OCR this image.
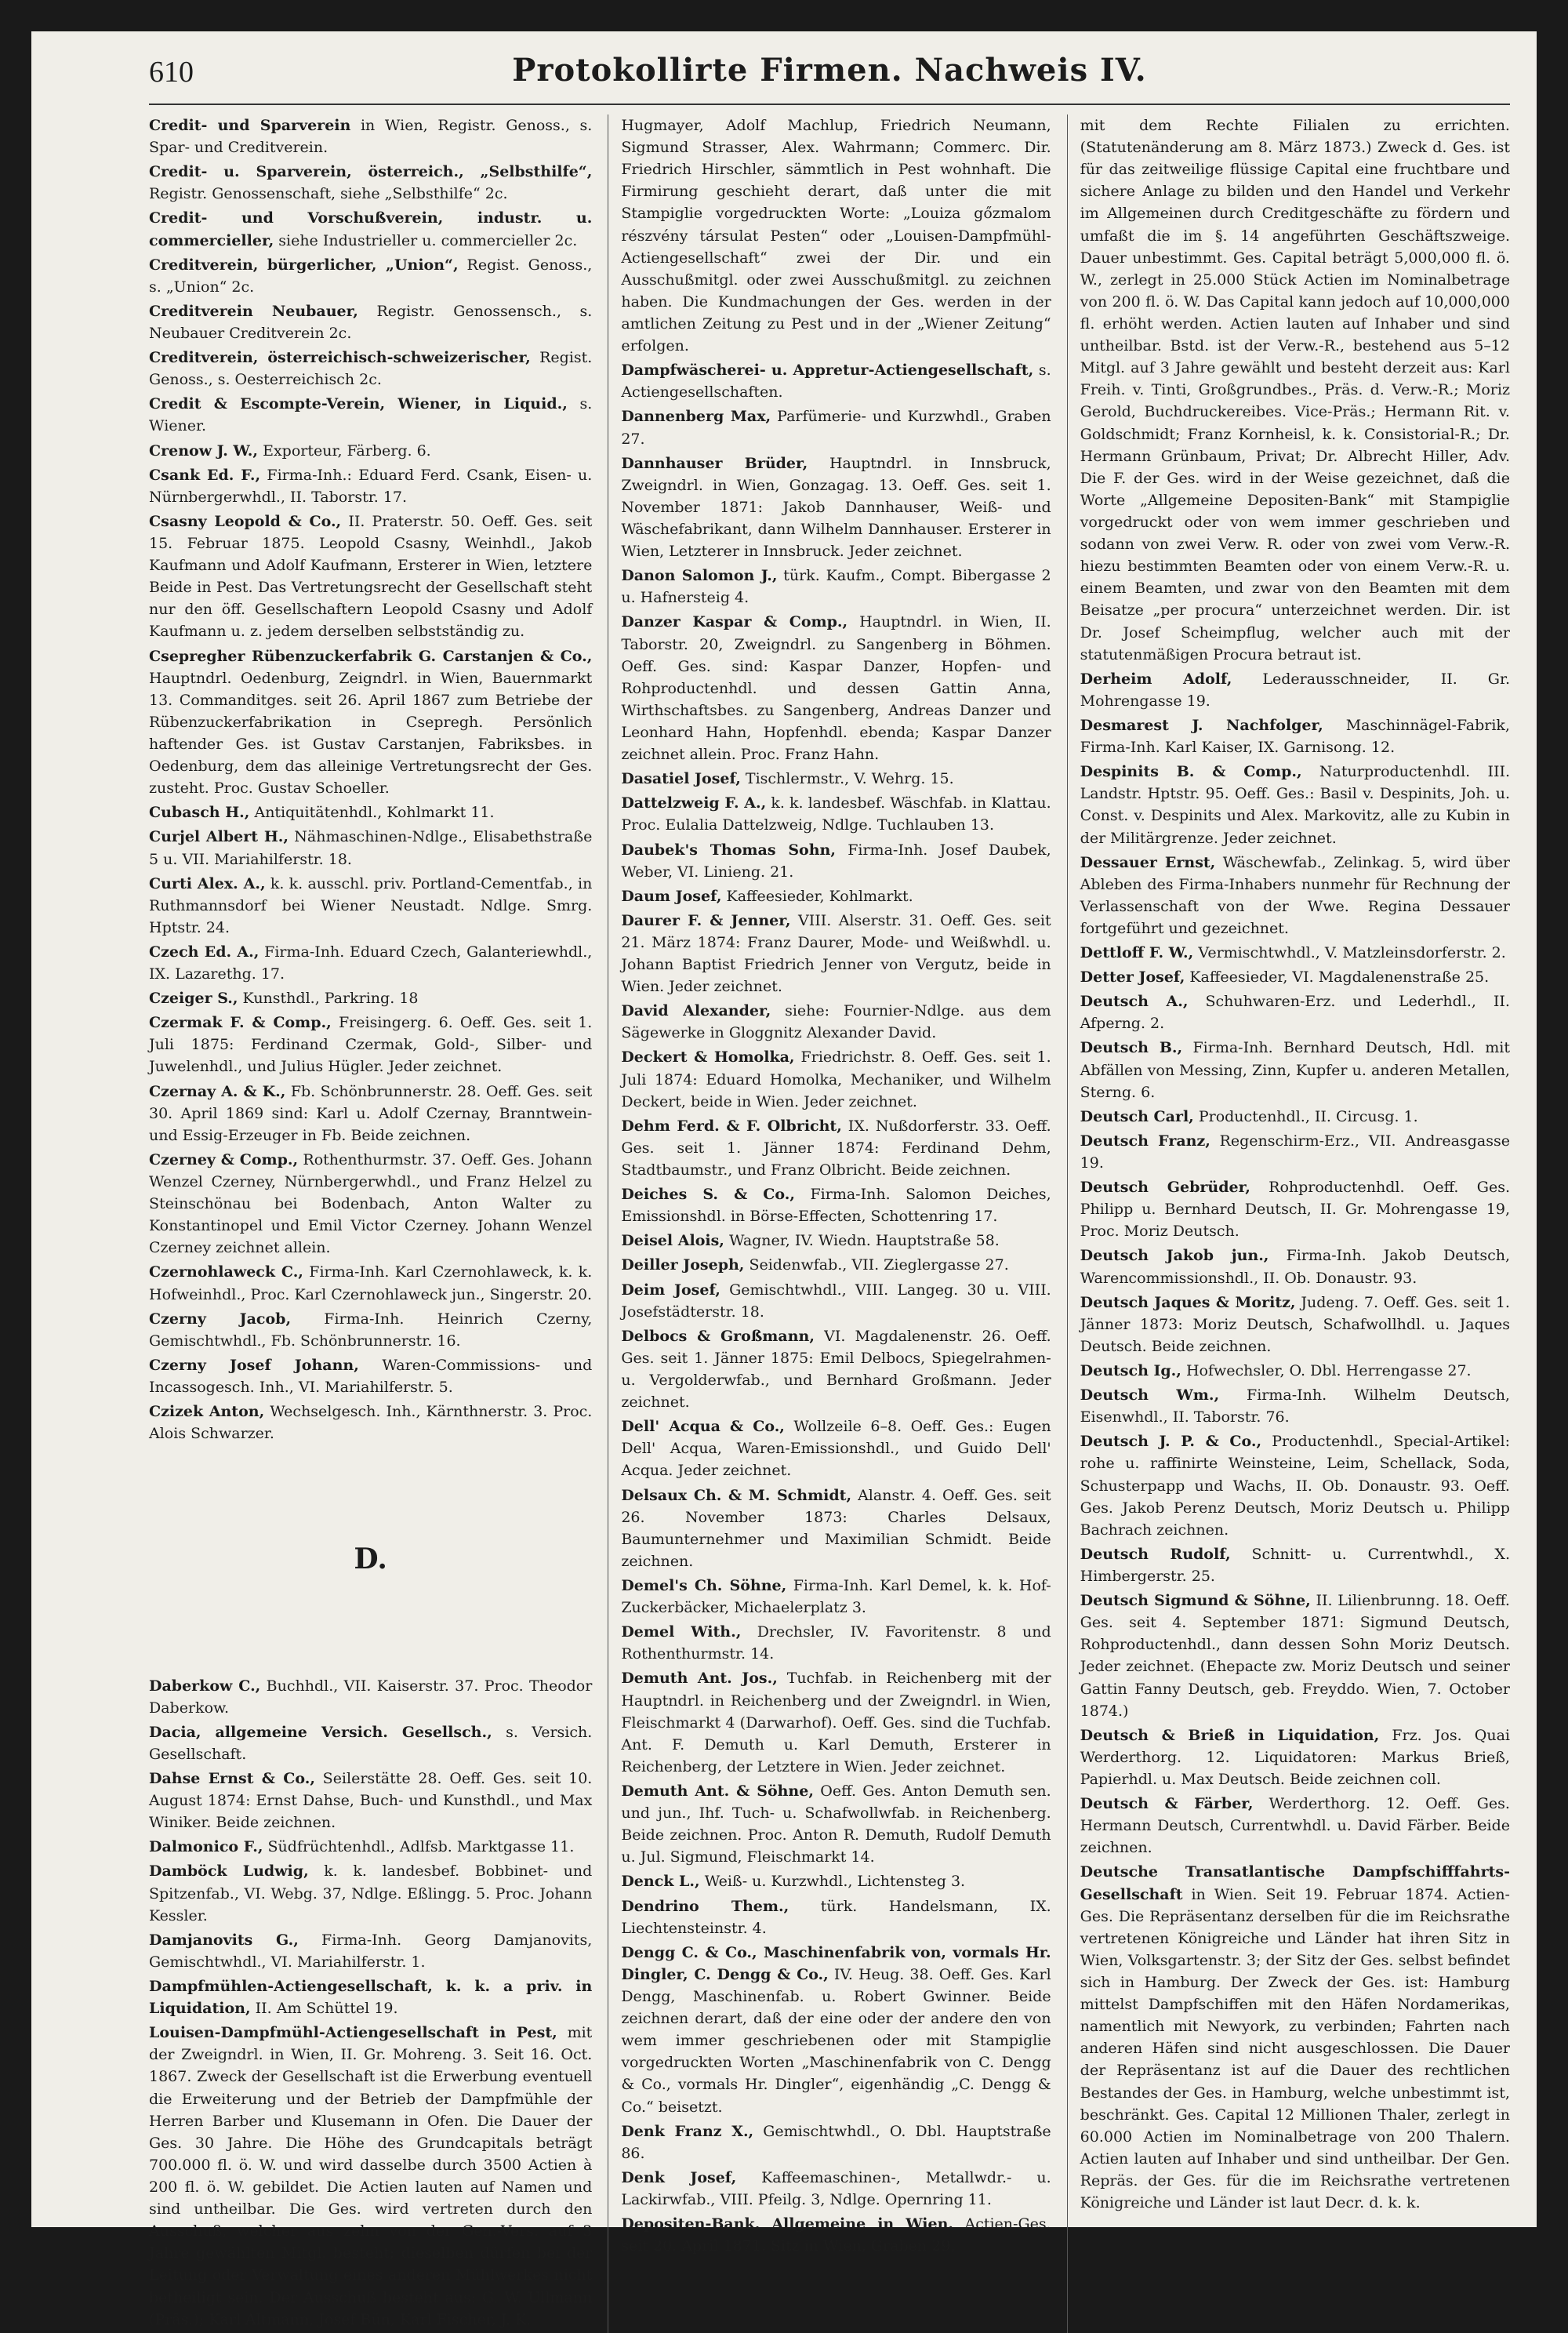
610	Protokollirte Firmen. Nachweis IV.

Credit- und Sparverein in Wien, Registr. Genoss., s. Spar- und Creditverein.

Credit- u. Sparverein, österreich., „Selbsthilfe“, Registr. Genossenschaft, siehe „Selbsthilfe“ 2c.

Credit- und Vorschußverein, industr. u. commercieller, siehe Industrieller u. commercieller 2c.

Creditverein, bürgerlicher, „Union“, Regist. Genoss., s. „Union“ 2c.

Creditverein Neubauer, Registr. Genossensch., s. Neubauer Creditverein 2c.

Creditverein, österreichisch-schweizerischer, Regist. Genoss., s. Oesterreichisch 2c.

Credit & Escompte-Verein, Wiener, in Liquid., s. Wiener.

Crenow J. W., Exporteur, Färberg. 6.

Csank Ed. F., Firma-Inh.: Eduard Ferd. Csank, Eisen- u. Nürnbergerwhdl., II. Taborstr. 17.

Csasny Leopold & Co., II. Praterstr. 50. Oeff. Ges. seit 15. Februar 1875. Leopold Csasny, Weinhdl., Jakob Kaufmann und Adolf Kaufmann, Ersterer in Wien, letztere Beide in Pest. Das Vertretungsrecht der Gesellschaft steht nur den öff. Gesellschaftern Leopold Csasny und Adolf Kaufmann u. z. jedem derselben selbstständig zu.

Csepregher Rübenzuckerfabrik G. Carstanjen & Co., Hauptndrl. Oedenburg, Zeigndrl. in Wien, Bauernmarkt 13. Commanditges. seit 26. April 1867 zum Betriebe der Rübenzuckerfabrikation in Csepregh. Persönlich haftender Ges. ist Gustav Carstanjen, Fabriksbes. in Oedenburg, dem das alleinige Vertretungsrecht der Ges. zusteht. Proc. Gustav Schoeller.

Cubasch H., Antiquitätenhdl., Kohlmarkt 11.

Curjel Albert H., Nähmaschinen-Ndlge., Elisabethstraße 5 u. VII. Mariahilferstr. 18.

Curti Alex. A., k. k. ausschl. priv. Portland-Cementfab., in Ruthmannsdorf bei Wiener Neustadt. Ndlge. Smrg. Hptstr. 24.

Czech Ed. A., Firma-Inh. Eduard Czech, Galanteriewhdl., IX. Lazarethg. 17.

Czeiger S., Kunsthdl., Parkring. 18

Czermak F. & Comp., Freisingerg. 6. Oeff. Ges. seit 1. Juli 1875: Ferdinand Czermak, Gold-, Silber- und Juwelenhdl., und Julius Hügler. Jeder zeichnet.

Czernay A. & K., Fb. Schönbrunnerstr. 28. Oeff. Ges. seit 30. April 1869 sind: Karl u. Adolf Czernay, Branntwein- und Essig-Erzeuger in Fb. Beide zeichnen.

Czerney & Comp., Rothenthurmstr. 37. Oeff. Ges. Johann Wenzel Czerney, Nürnbergerwhdl., und Franz Helzel zu Steinschönau bei Bodenbach, Anton Walter zu Konstantinopel und Emil Victor Czerney. Johann Wenzel Czerney zeichnet allein.

Czernohlaweck C., Firma-Inh. Karl Czernohlaweck, k. k. Hofweinhdl., Proc. Karl Czernohlaweck jun., Singerstr. 20.

Czerny Jacob, Firma-Inh. Heinrich Czerny, Gemischtwhdl., Fb. Schönbrunnerstr. 16.

Czerny Josef Johann, Waren-Commissions- und Incassogesch. Inh., VI. Mariahilferstr. 5.

Czizek Anton, Wechselgesch. Inh., Kärnthnerstr. 3. Proc. Alois Schwarzer.

D.

Daberkow C., Buchhdl., VII. Kaiserstr. 37. Proc. Theodor Daberkow.

Dacia, allgemeine Versich. Gesellsch., s. Versich. Gesellschaft.

Dahse Ernst & Co., Seilerstätte 28. Oeff. Ges. seit 10. August 1874: Ernst Dahse, Buch- und Kunsthdl., und Max Winiker. Beide zeichnen.

Dalmonico F., Südfrüchtenhdl., Adlfsb. Marktgasse 11.

Damböck Ludwig, k. k. landesbef. Bobbinet- und Spitzenfab., VI. Webg. 37, Ndlge. Eßlingg. 5. Proc. Johann Kessler.

Damjanovits G., Firma-Inh. Georg Damjanovits, Gemischtwhdl., VI. Mariahilferstr. 1.

Dampfmühlen-Actiengesellschaft, k. k. a priv. in Liquidation, II. Am Schüttel 19.

Louisen-Dampfmühl-Actiengesellschaft in Pest, mit der Zweigndrl. in Wien, II. Gr. Mohreng. 3. Seit 16. Oct. 1867. Zweck der Gesellschaft ist die Erwerbung eventuell die Erweiterung und der Betrieb der Dampfmühle der Herren Barber und Klusemann in Ofen. Die Dauer der Ges. 30 Jahre. Die Höhe des Grundcapitals beträgt 700.000 fl. ö. W. und wird dasselbe durch 3500 Actien à 200 fl. ö. W. gebildet. Die Actien lauten auf Namen und sind untheilbar. Die Ges. wird vertreten durch den Ausschuß, welcher aus zehn von der Gen.-Vers. auf 3 Jahre gewählten Mitgl. besteht; dieselben dürfen bei der Leitung oder Verwaltung eines anderen Mühlwerkes nicht betheiligt sein. Der Ausschuß besteht aus: G. W. Ullmann (Präs.); Karl Altmann, Josef Bün, Karl Fischer, J. K.

Hugmayer, Adolf Machlup, Friedrich Neumann, Sigmund Strasser, Alex. Wahrmann; Commerc. Dir. Friedrich Hirschler, sämmtlich in Pest wohnhaft. Die Firmirung geschieht derart, daß unter die mit Stampiglie vorgedruckten Worte: „Louiza gőzmalom részvény társulat Pesten“ oder „Louisen-Dampfmühl-Actiengesellschaft“ zwei der Dir. und ein Ausschußmitgl. oder zwei Ausschußmitgl. zu zeichnen haben. Die Kundmachungen der Ges. werden in der amtlichen Zeitung zu Pest und in der „Wiener Zeitung“ erfolgen.

Dampfwäscherei- u. Appretur-Actiengesellschaft, s. Actiengesellschaften.

Dannenberg Max, Parfümerie- und Kurzwhdl., Graben 27.

Dannhauser Brüder, Hauptndrl. in Innsbruck, Zweigndrl. in Wien, Gonzagag. 13. Oeff. Ges. seit 1. November 1871: Jakob Dannhauser, Weiß- und Wäschefabrikant, dann Wilhelm Dannhauser. Ersterer in Wien, Letzterer in Innsbruck. Jeder zeichnet.

Danon Salomon J., türk. Kaufm., Compt. Bibergasse 2 u. Hafnersteig 4.

Danzer Kaspar & Comp., Hauptndrl. in Wien, II. Taborstr. 20, Zweigndrl. zu Sangenberg in Böhmen. Oeff. Ges. sind: Kaspar Danzer, Hopfen- und Rohproductenhdl. und dessen Gattin Anna, Wirthschaftsbes. zu Sangenberg, Andreas Danzer und Leonhard Hahn, Hopfenhdl. ebenda; Kaspar Danzer zeichnet allein. Proc. Franz Hahn.

Dasatiel Josef, Tischlermstr., V. Wehrg. 15.

Dattelzweig F. A., k. k. landesbef. Wäschfab. in Klattau. Proc. Eulalia Dattelzweig, Ndlge. Tuchlauben 13.

Daubek's Thomas Sohn, Firma-Inh. Josef Daubek, Weber, VI. Linieng. 21.

Daum Josef, Kaffeesieder, Kohlmarkt.

Daurer F. & Jenner, VIII. Alserstr. 31. Oeff. Ges. seit 21. März 1874: Franz Daurer, Mode- und Weißwhdl. u. Johann Baptist Friedrich Jenner von Vergutz, beide in Wien. Jeder zeichnet.

David Alexander, siehe: Fournier-Ndlge. aus dem Sägewerke in Gloggnitz Alexander David.

Deckert & Homolka, Friedrichstr. 8. Oeff. Ges. seit 1. Juli 1874: Eduard Homolka, Mechaniker, und Wilhelm Deckert, beide in Wien. Jeder zeichnet.

Dehm Ferd. & F. Olbricht, IX. Nußdorferstr. 33. Oeff. Ges. seit 1. Jänner 1874: Ferdinand Dehm, Stadtbaumstr., und Franz Olbricht. Beide zeichnen.

Deiches S. & Co., Firma-Inh. Salomon Deiches, Emissionshdl. in Börse-Effecten, Schottenring 17.

Deisel Alois, Wagner, IV. Wiedn. Hauptstraße 58.

Deiller Joseph, Seidenwfab., VII. Zieglergasse 27.

Deim Josef, Gemischtwhdl., VIII. Langeg. 30 u. VIII. Josefstädterstr. 18.

Delbocs & Großmann, VI. Magdalenenstr. 26. Oeff. Ges. seit 1. Jänner 1875: Emil Delbocs, Spiegelrahmen- u. Vergolderwfab., und Bernhard Großmann. Jeder zeichnet.

Dell' Acqua & Co., Wollzeile 6–8. Oeff. Ges.: Eugen Dell' Acqua, Waren-Emissionshdl., und Guido Dell' Acqua. Jeder zeichnet.

Delsaux Ch. & M. Schmidt, Alanstr. 4. Oeff. Ges. seit 26. November 1873: Charles Delsaux, Baumunternehmer und Maximilian Schmidt. Beide zeichnen.

Demel's Ch. Söhne, Firma-Inh. Karl Demel, k. k. Hof-Zuckerbäcker, Michaelerplatz 3.

Demel With., Drechsler, IV. Favoritenstr. 8 und Rothenthurmstr. 14.

Demuth Ant. Jos., Tuchfab. in Reichenberg mit der Hauptndrl. in Reichenberg und der Zweigndrl. in Wien, Fleischmarkt 4 (Darwarhof). Oeff. Ges. sind die Tuchfab. Ant. F. Demuth u. Karl Demuth, Ersterer in Reichenberg, der Letztere in Wien. Jeder zeichnet.

Demuth Ant. & Söhne, Oeff. Ges. Anton Demuth sen. und jun., Ihf. Tuch- u. Schafwollwfab. in Reichenberg. Beide zeichnen. Proc. Anton R. Demuth, Rudolf Demuth u. Jul. Sigmund, Fleischmarkt 14.

Denck L., Weiß- u. Kurzwhdl., Lichtensteg 3.

Dendrino Them., türk. Handelsmann, IX. Liechtensteinstr. 4.

Dengg C. & Co., Maschinenfabrik von, vormals Hr. Dingler, C. Dengg & Co., IV. Heug. 38. Oeff. Ges. Karl Dengg, Maschinenfab. u. Robert Gwinner. Beide zeichnen derart, daß der eine oder der andere den von wem immer geschriebenen oder mit Stampiglie vorgedruckten Worten „Maschinenfabrik von C. Dengg & Co., vormals Hr. Dingler“, eigenhändig „C. Dengg & Co.“ beisetzt.

Denk Franz X., Gemischtwhdl., O. Dbl. Hauptstraße 86.

Denk Josef, Kaffeemaschinen-, Metallwdr.- u. Lackirwfab., VIII. Pfeilg. 3, Ndlge. Opernring 11.

Depositen-Bank, Allgemeine in Wien. Actien-Ges. seit 20. April 1871. Sitz in Wien, Graben 29,

mit dem Rechte Filialen zu errichten. (Statutenänderung am 8. März 1873.) Zweck d. Ges. ist für das zeitweilige flüssige Capital eine fruchtbare und sichere Anlage zu bilden und den Handel und Verkehr im Allgemeinen durch Creditgeschäfte zu fördern und umfaßt die im §. 14 angeführten Geschäftszweige. Dauer unbestimmt. Ges. Capital beträgt 5,000,000 fl. ö. W., zerlegt in 25.000 Stück Actien im Nominalbetrage von 200 fl. ö. W. Das Capital kann jedoch auf 10,000,000 fl. erhöht werden. Actien lauten auf Inhaber und sind untheilbar. Bstd. ist der Verw.-R., bestehend aus 5–12 Mitgl. auf 3 Jahre gewählt und besteht derzeit aus: Karl Freih. v. Tinti, Großgrundbes., Präs. d. Verw.-R.; Moriz Gerold, Buchdruckereibes. Vice-Präs.; Hermann Rit. v. Goldschmidt; Franz Kornheisl, k. k. Consistorial-R.; Dr. Hermann Grünbaum, Privat; Dr. Albrecht Hiller, Adv. Die F. der Ges. wird in der Weise gezeichnet, daß die Worte „Allgemeine Depositen-Bank“ mit Stampiglie vorgedruckt oder von wem immer geschrieben und sodann von zwei Verw. R. oder von zwei vom Verw.-R. hiezu bestimmten Beamten oder von einem Verw.-R. u. einem Beamten, und zwar von den Beamten mit dem Beisatze „per procura“ unterzeichnet werden. Dir. ist Dr. Josef Scheimpflug, welcher auch mit der statutenmäßigen Procura betraut ist.

Derheim Adolf, Lederausschneider, II. Gr. Mohrengasse 19.

Desmarest J. Nachfolger, Maschinnägel-Fabrik, Firma-Inh. Karl Kaiser, IX. Garnisong. 12.

Despinits B. & Comp., Naturproductenhdl. III. Landstr. Hptstr. 95. Oeff. Ges.: Basil v. Despinits, Joh. u. Const. v. Despinits und Alex. Markovitz, alle zu Kubin in der Militärgrenze. Jeder zeichnet.

Dessauer Ernst, Wäschewfab., Zelinkag. 5, wird über Ableben des Firma-Inhabers nunmehr für Rechnung der Verlassenschaft von der Wwe. Regina Dessauer fortgeführt und gezeichnet.

Dettloff F. W., Vermischtwhdl., V. Matzleinsdorferstr. 2.

Detter Josef, Kaffeesieder, VI. Magdalenenstraße 25.

Deutsch A., Schuhwaren-Erz. und Lederhdl., II. Afperng. 2.

Deutsch B., Firma-Inh. Bernhard Deutsch, Hdl. mit Abfällen von Messing, Zinn, Kupfer u. anderen Metallen, Sterng. 6.

Deutsch Carl, Productenhdl., II. Circusg. 1.

Deutsch Franz, Regenschirm-Erz., VII. Andreasgasse 19.

Deutsch Gebrüder, Rohproductenhdl. Oeff. Ges. Philipp u. Bernhard Deutsch, II. Gr. Mohrengasse 19, Proc. Moriz Deutsch.

Deutsch Jakob jun., Firma-Inh. Jakob Deutsch, Warencommissionshdl., II. Ob. Donaustr. 93.

Deutsch Jaques & Moritz, Judeng. 7. Oeff. Ges. seit 1. Jänner 1873: Moriz Deutsch, Schafwollhdl. u. Jaques Deutsch. Beide zeichnen.

Deutsch Ig., Hofwechsler, O. Dbl. Herrengasse 27.

Deutsch Wm., Firma-Inh. Wilhelm Deutsch, Eisenwhdl., II. Taborstr. 76.

Deutsch J. P. & Co., Productenhdl., Special-Artikel: rohe u. raffinirte Weinsteine, Leim, Schellack, Soda, Schusterpapp und Wachs, II. Ob. Donaustr. 93. Oeff. Ges. Jakob Perenz Deutsch, Moriz Deutsch u. Philipp Bachrach zeichnen.

Deutsch Rudolf, Schnitt- u. Currentwhdl., X. Himbergerstr. 25.

Deutsch Sigmund & Söhne, II. Lilienbrunng. 18. Oeff. Ges. seit 4. September 1871: Sigmund Deutsch, Rohproductenhdl., dann dessen Sohn Moriz Deutsch. Jeder zeichnet. (Ehepacte zw. Moriz Deutsch und seiner Gattin Fanny Deutsch, geb. Freyddo. Wien, 7. October 1874.)

Deutsch & Brieß in Liquidation, Frz. Jos. Quai Werderthorg. 12. Liquidatoren: Markus Brieß, Papierhdl. u. Max Deutsch. Beide zeichnen coll.

Deutsch & Färber, Werderthorg. 12. Oeff. Ges. Hermann Deutsch, Currentwhdl. u. David Färber. Beide zeichnen.

Deutsche Transatlantische Dampfschifffahrts-Gesellschaft in Wien. Seit 19. Februar 1874. Actien-Ges. Die Repräsentanz derselben für die im Reichsrathe vertretenen Königreiche und Länder hat ihren Sitz in Wien, Volksgartenstr. 3; der Sitz der Ges. selbst befindet sich in Hamburg. Der Zweck der Ges. ist: Hamburg mittelst Dampfschiffen mit den Häfen Nordamerikas, namentlich mit Newyork, zu verbinden; Fahrten nach anderen Häfen sind nicht ausgeschlossen. Die Dauer der Repräsentanz ist auf die Dauer des rechtlichen Bestandes der Ges. in Hamburg, welche unbestimmt ist, beschränkt. Ges. Capital 12 Millionen Thaler, zerlegt in 60.000 Actien im Nominalbetrage von 200 Thalern. Actien lauten auf Inhaber und sind untheilbar. Der Gen. Repräs. der Ges. für die im Reichsrathe vertretenen Königreiche und Länder ist laut Decr. d. k. k.
